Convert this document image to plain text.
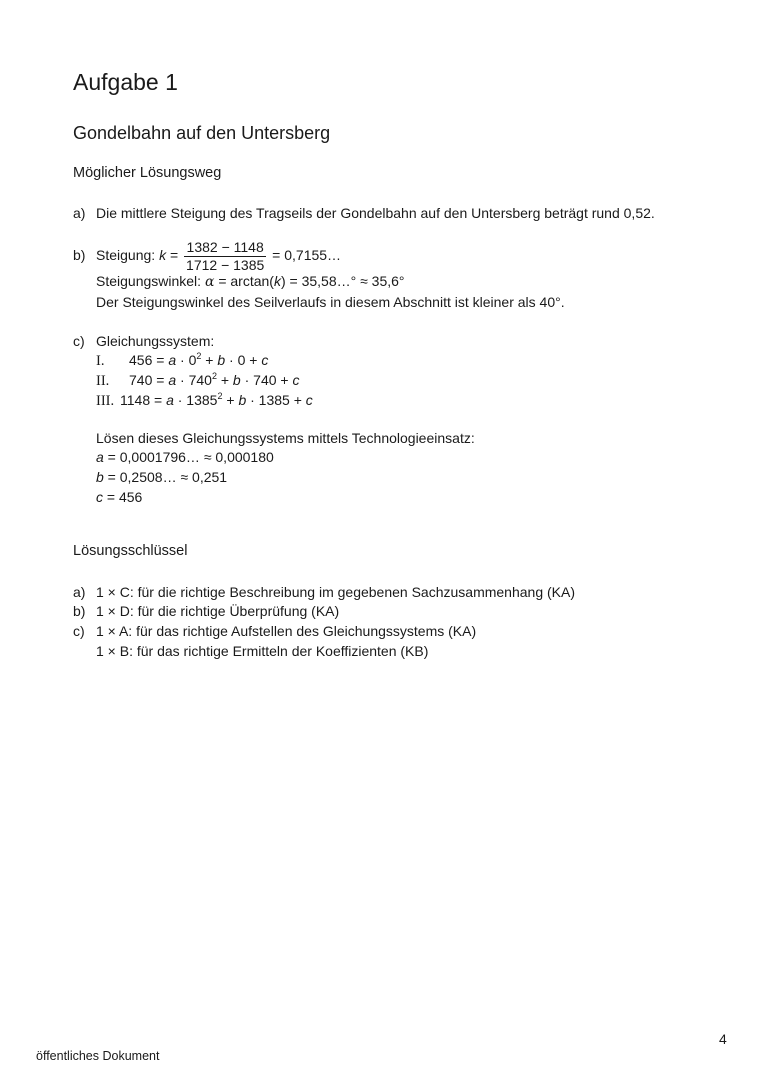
Aufgabe 1
Gondelbahn auf den Untersberg
Möglicher Lösungsweg
a) Die mittlere Steigung des Tragseils der Gondelbahn auf den Untersberg beträgt rund 0,52.
b) Steigung: $k = \frac{1382 - 1148}{1712 - 1385}$ = 0,7155…
Steigungswinkel: α = arctan(k) = 35,58…° ≈ 35,6°
Der Steigungswinkel des Seilverlaufs in diesem Abschnitt ist kleiner als 40°.
c) Gleichungssystem:
I. $456 = a \cdot 0^2 + b \cdot 0 + c$
II. $740 = a \cdot 740^2 + b \cdot 740 + c$
III. $1148 = a \cdot 1385^2 + b \cdot 1385 + c$
Lösen dieses Gleichungssystems mittels Technologieeinsatz:
a = 0,0001796… ≈ 0,000180
b = 0,2508… ≈ 0,251
c = 456
Lösungsschlüssel
a) 1 × C: für die richtige Beschreibung im gegebenen Sachzusammenhang (KA)
b) 1 × D: für die richtige Überprüfung (KA)
c) 1 × A: für das richtige Aufstellen des Gleichungssystems (KA)
1 × B: für das richtige Ermitteln der Koeffizienten (KB)
4
öffentliches Dokument
